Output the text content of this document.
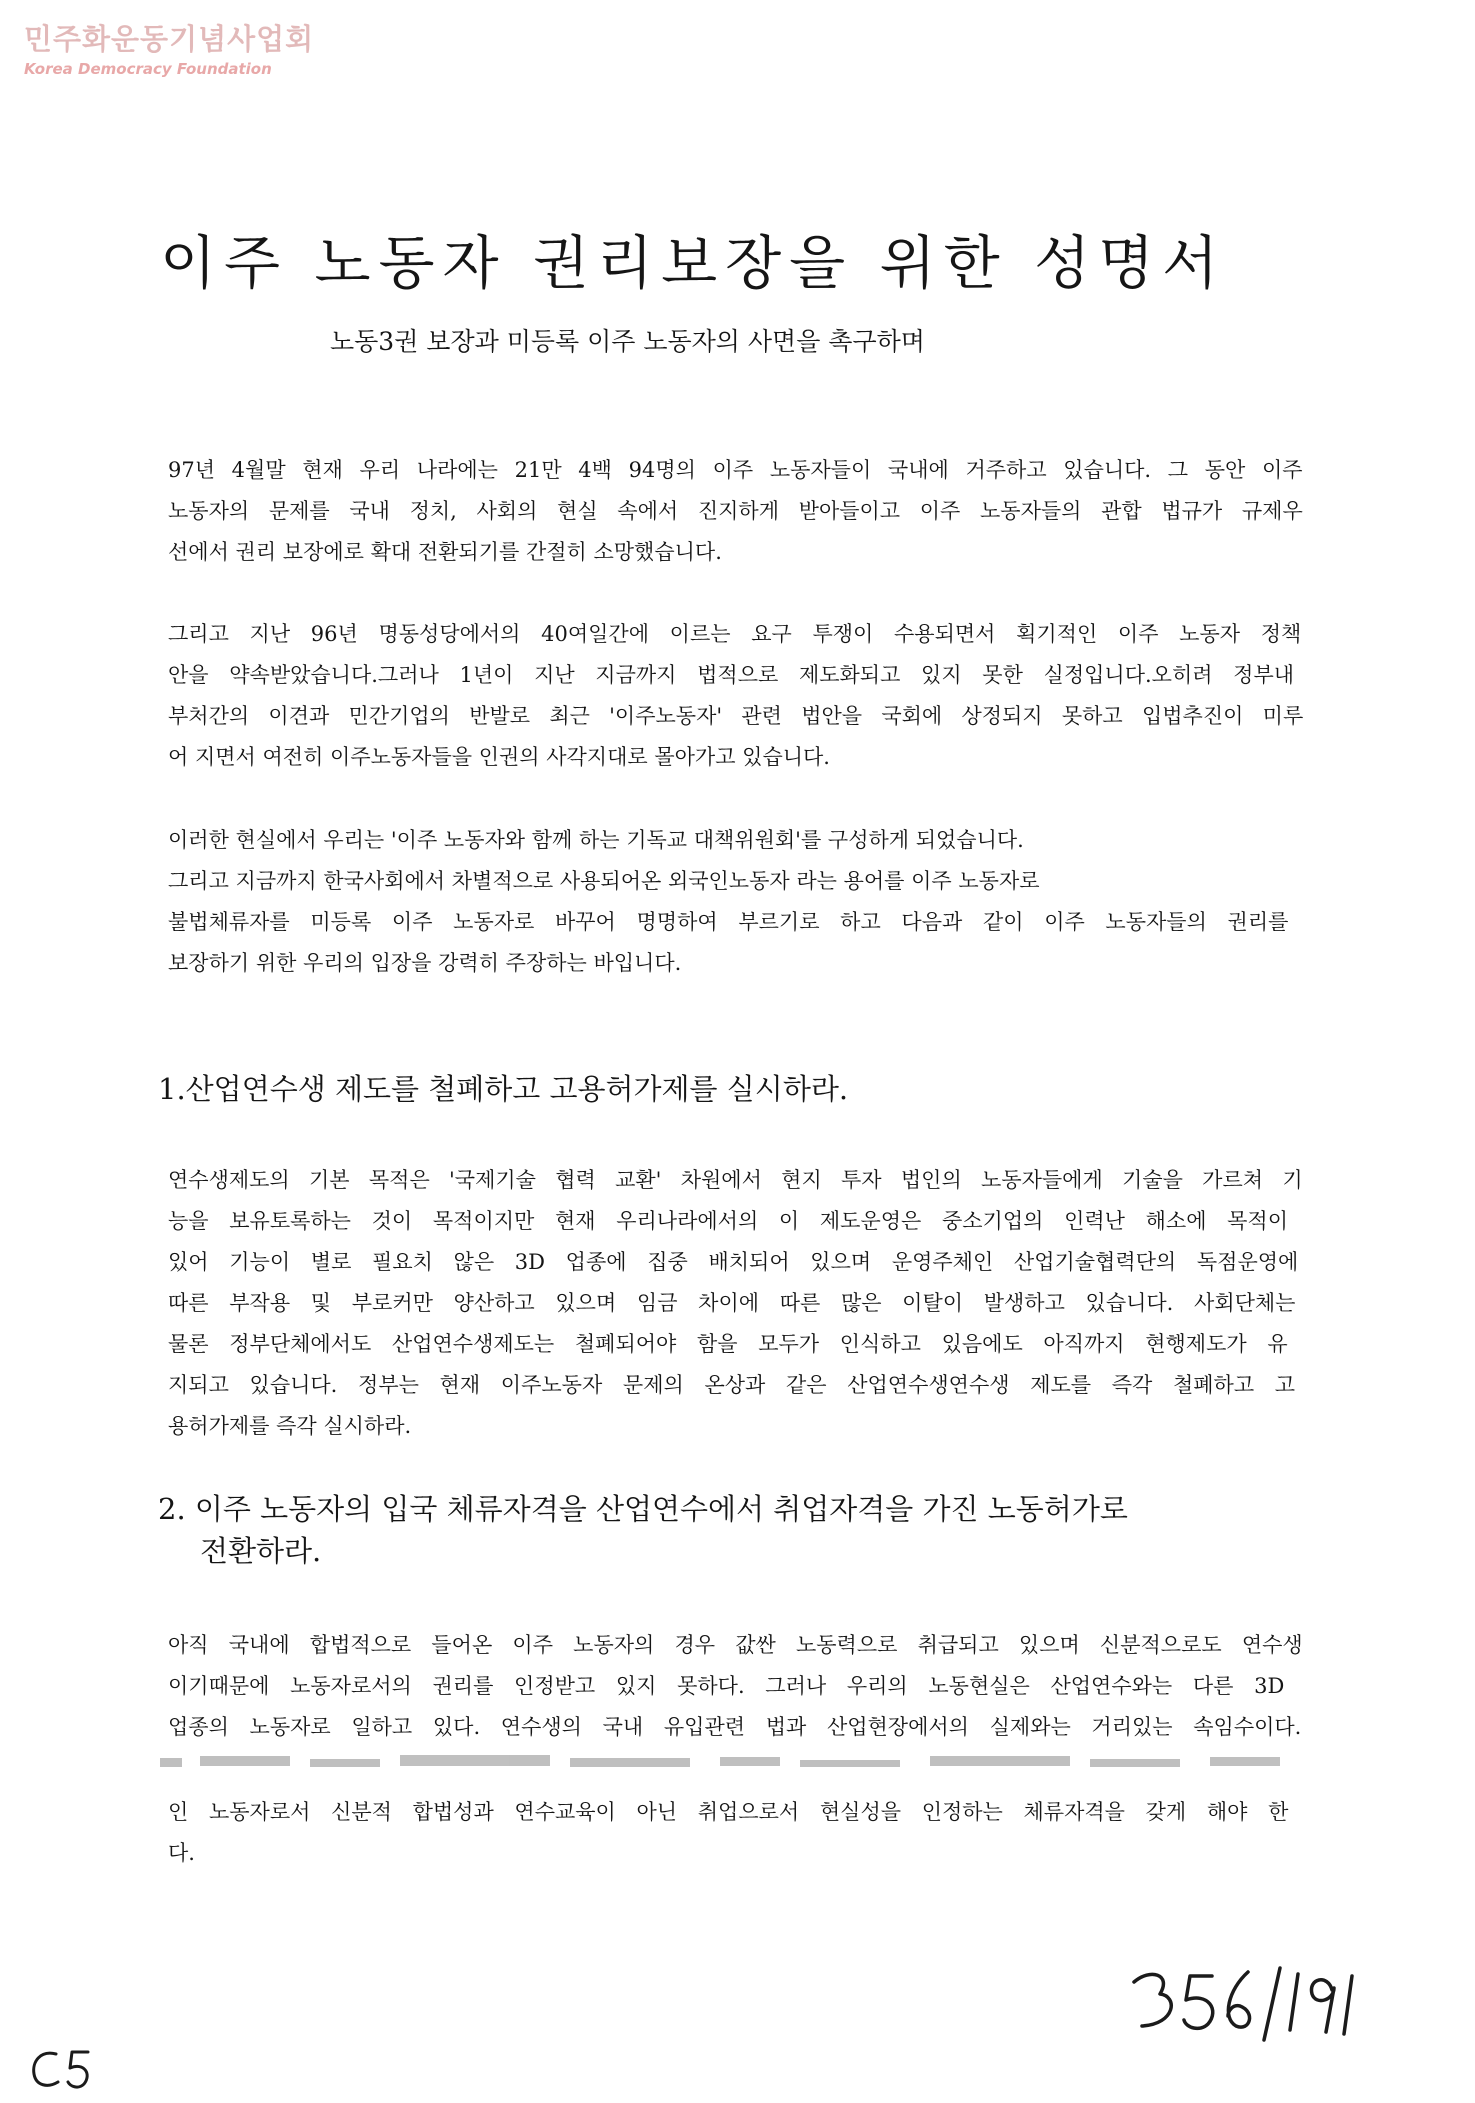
민주화운동기념사업회
Korea Democracy Foundation
이주 노동자 권리보장을 위한 성명서
노동3권 보장과 미등록 이주 노동자의 사면을 촉구하며
97년 4월말 현재 우리 나라에는 21만 4백 94명의 이주 노동자들이 국내에 거주하고 있습니다. 그 동안 이주
노동자의 문제를 국내 정치, 사회의 현실 속에서 진지하게 받아들이고 이주 노동자들의 관합 법규가 규제우
선에서 권리 보장에로 확대 전환되기를 간절히 소망했습니다.
그리고 지난 96년 명동성당에서의 40여일간에 이르는 요구 투쟁이 수용되면서 획기적인 이주 노동자 정책
안을 약속받았습니다.그러나 1년이 지난 지금까지 법적으로 제도화되고 있지 못한 실정입니다.오히려 정부내
부처간의 이견과 민간기업의 반발로 최근 '이주노동자' 관련 법안을 국회에 상정되지 못하고 입법추진이 미루
어 지면서 여전히 이주노동자들을 인권의 사각지대로 몰아가고 있습니다.
이러한 현실에서 우리는 '이주 노동자와 함께 하는 기독교 대책위원회'를 구성하게 되었습니다.
그리고 지금까지 한국사회에서 차별적으로 사용되어온 외국인노동자 라는 용어를 이주 노동자로
불법체류자를 미등록 이주 노동자로 바꾸어 명명하여 부르기로 하고 다음과 같이 이주 노동자들의 권리를
보장하기 위한 우리의 입장을 강력히 주장하는 바입니다.
1.산업연수생 제도를 철폐하고 고용허가제를 실시하라.
연수생제도의 기본 목적은 '국제기술 협력 교환' 차원에서 현지 투자 법인의 노동자들에게 기술을 가르쳐 기
능을 보유토록하는 것이 목적이지만 현재 우리나라에서의 이 제도운영은 중소기업의 인력난 해소에 목적이
있어 기능이 별로 필요치 않은 3D 업종에 집중 배치되어 있으며 운영주체인 산업기술협력단의 독점운영에
따른 부작용 및 부로커만 양산하고 있으며 임금 차이에 따른 많은 이탈이 발생하고 있습니다. 사회단체는
물론 정부단체에서도 산업연수생제도는 철폐되어야 함을 모두가 인식하고 있음에도 아직까지 현행제도가 유
지되고 있습니다. 정부는 현재 이주노동자 문제의 온상과 같은 산업연수생연수생 제도를 즉각 철폐하고 고
용허가제를 즉각 실시하라.
2. 이주 노동자의 입국 체류자격을 산업연수에서 취업자격을 가진 노동허가로
전환하라.
아직 국내에 합법적으로 들어온 이주 노동자의 경우 값싼 노동력으로 취급되고 있으며 신분적으로도 연수생
이기때문에 노동자로서의 권리를 인정받고 있지 못하다. 그러나 우리의 노동현실은 산업연수와는 다른 3D
업종의 노동자로 일하고 있다. 연수생의 국내 유입관련 법과 산업현장에서의 실제와는 거리있는 속임수이다.
인 노동자로서 신분적 합법성과 연수교육이 아닌 취업으로서 현실성을 인정하는 체류자격을 갖게 해야 한
다.
